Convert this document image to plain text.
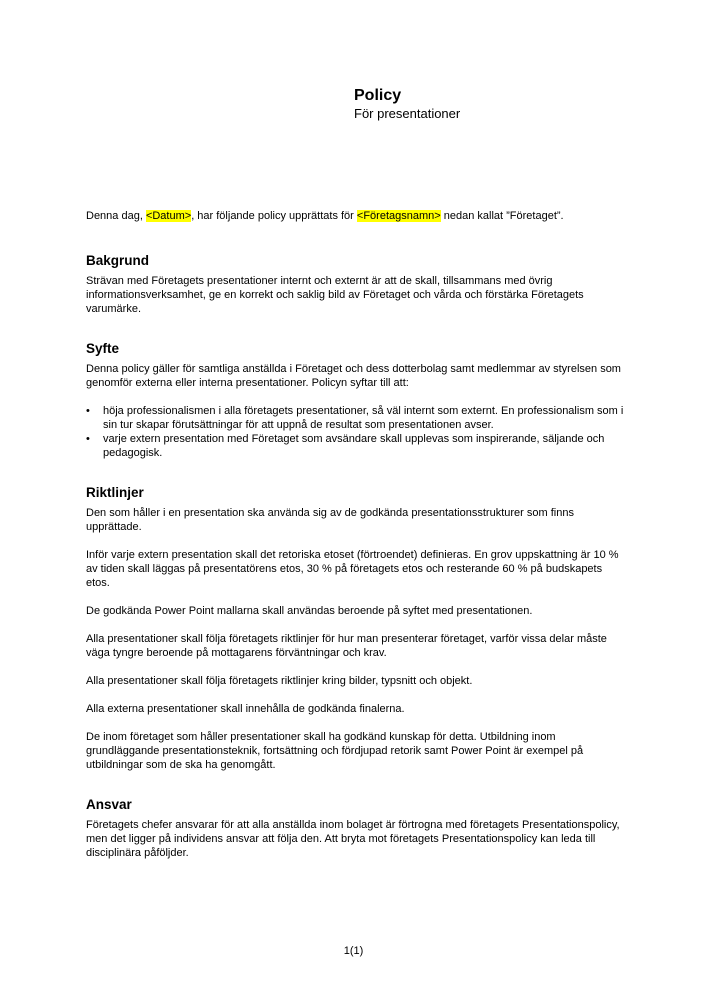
Policy
För presentationer

Denna dag, <Datum>, har följande policy upprättats för <Företagsnamn> nedan kallat ”Företaget”.

Bakgrund

Strävan med Företagets presentationer internt och externt är att de skall, tillsammans med övrig informationsverksamhet, ge en korrekt och saklig bild av Företaget och vårda och förstärka Företagets varumärke.

Syfte

Denna policy gäller för samtliga anställda i Företaget och dess dotterbolag samt medlemmar av styrelsen som genomför externa eller interna presentationer. Policyn syftar till att:

• höja professionalismen i alla företagets presentationer, så väl internt som externt. En professionalism som i sin tur skapar förutsättningar för att uppnå de resultat som presentationen avser.
• varje extern presentation med Företaget som avsändare skall upplevas som inspirerande, säljande och pedagogisk.
Riktlinjer

Den som håller i en presentation ska använda sig av de godkända presentationsstrukturer som finns upprättade.

Inför varje extern presentation skall det retoriska etoset (förtroendet) definieras. En grov uppskattning är 10 % av tiden skall läggas på presentatörens etos, 30 % på företagets etos och resterande 60 % på budskapets etos.

De godkända Power Point mallarna skall användas beroende på syftet med presentationen.

Alla presentationer skall följa företagets riktlinjer för hur man presenterar företaget, varför vissa delar måste väga tyngre beroende på mottagarens förväntningar och krav.

Alla presentationer skall följa företagets riktlinjer kring bilder, typsnitt och objekt.

Alla externa presentationer skall innehålla de godkända finalerna.

De inom företaget som håller presentationer skall ha godkänd kunskap för detta. Utbildning inom grundläggande presentationsteknik, fortsättning och fördjupad retorik samt Power Point är exempel på utbildningar som de ska ha genomgått.

Ansvar

Företagets chefer ansvarar för att alla anställda inom bolaget är förtrogna med företagets Presentationspolicy, men det ligger på individens ansvar att följa den. Att bryta mot företagets Presentationspolicy kan leda till disciplinära påföljder.

1(1)
